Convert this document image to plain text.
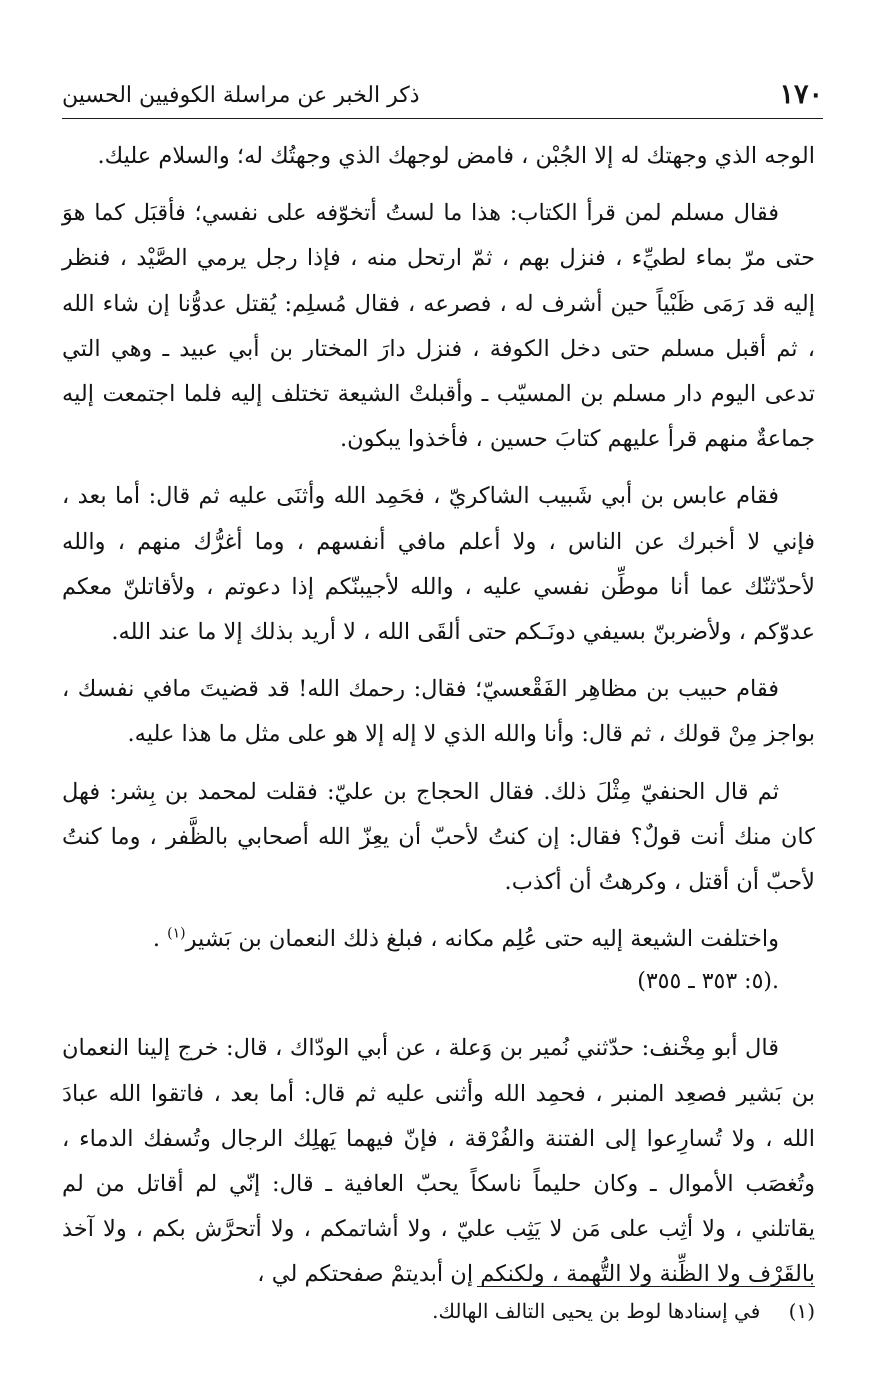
١٧٠
ذكر الخبر عن مراسلة الكوفيين الحسين

الوجه الذي وجهتك له إلا الجُبْن ، فامض لوجهك الذي وجهتُك له؛ والسلام عليك.

فقال مسلم لمن قرأ الكتاب: هذا ما لستُ أتخوّفه على نفسي؛ فأقبَل كما هوَ حتى مرّ بماء لطيِّء ، فنزل بهم ، ثمّ ارتحل منه ، فإذا رجل يرمي الصَّيْد ، فنظر إليه قد رَمَى ظَبْياً حين أشرف له ، فصرعه ، فقال مُسلِم: يُقتل عدوُّنا إن شاء الله ، ثم أقبل مسلم حتى دخل الكوفة ، فنزل دارَ المختار بن أبي عبيد ـ وهي التي تدعى اليوم دار مسلم بن المسيّب ـ وأقبلتْ الشيعة تختلف إليه فلما اجتمعت إليه جماعةٌ منهم قرأ عليهم كتابَ حسين ، فأخذوا يبكون.

فقام عابس بن أبي شَبيب الشاكريّ ، فحَمِد الله وأثنَى عليه ثم قال: أما بعد ، فإني لا أخبرك عن الناس ، ولا أعلم مافي أنفسهم ، وما أغرُّك منهم ، والله لأحدّثنّك عما أنا موطِّن نفسي عليه ، والله لأجيبنّكم إذا دعوتم ، ولأقاتلنّ معكم عدوّكم ، ولأضربنّ بسيفي دونَـكم حتى ألقَى الله ، لا أريد بذلك إلا ما عند الله.

فقام حبيب بن مظاهِر الفَقْعسيّ؛ فقال: رحمك الله! قد قضيتَ مافي نفسك ، بواجز مِنْ قولك ، ثم قال: وأنا والله الذي لا إله إلا هو على مثل ما هذا عليه.

ثم قال الحنفيّ مِثْلَ ذلك. فقال الحجاج بن عليّ: فقلت لمحمد بن بِشر: فهل كان منك أنت قولٌ؟ فقال: إن كنتُ لأحبّ أن يعِزّ الله أصحابي بالظَّفر ، وما كنتُ لأحبّ أن أقتل ، وكرهتُ أن أكذب.

واختلفت الشيعة إليه حتى عُلِم مكانه ، فبلغ ذلك النعمان بن بَشير$^{(١)}$ .
.(٥: ٣٥٣ ـ ٣٥٥)

قال أبو مِخْنف: حدّثني نُمير بن وَعلة ، عن أبي الودّاك ، قال: خرج إلينا النعمان بن بَشير فصعِد المنبر ، فحمِد الله وأثنى عليه ثم قال: أما بعد ، فاتقوا الله عبادَ الله ، ولا تُسارِعوا إلى الفتنة والفُرْقة ، فإنّ فيهما يَهلِك الرجال وتُسفك الدماء ، وتُغصَب الأموال ـ وكان حليماً ناسكاً يحبّ العافية ـ قال: إنّي لم أقاتل من لم يقاتلني ، ولا أثِب على مَن لا يَثِب عليّ ، ولا أشاتمكم ، ولا أتحرَّش بكم ، ولا آخذ بالقَرْف ولا الظِّنة ولا التُّهمة ، ولكنكم إن أبديتمْ صفحتكم لي ،

(١) في إسنادها لوط بن يحيى التالف الهالك.
